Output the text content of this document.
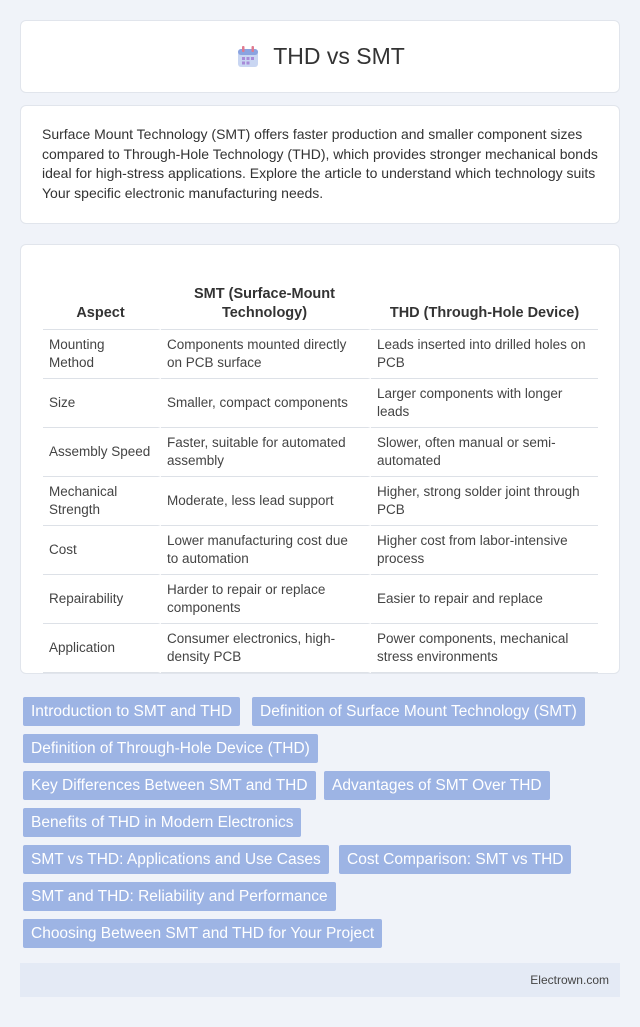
THD vs SMT

Surface Mount Technology (SMT) offers faster production and smaller component sizes compared to Through-Hole Technology (THD), which provides stronger mechanical bonds ideal for high-stress applications. Explore the article to understand which technology suits Your specific electronic manufacturing needs.

Aspect	SMT (Surface-Mount Technology)	THD (Through-Hole Device)
Mounting Method	Components mounted directly on PCB surface	Leads inserted into drilled holes on PCB
Size	Smaller, compact components	Larger components with longer leads
Assembly Speed	Faster, suitable for automated assembly	Slower, often manual or semi-automated
Mechanical Strength	Moderate, less lead support	Higher, strong solder joint through PCB
Cost	Lower manufacturing cost due to automation	Higher cost from labor-intensive process
Repairability	Harder to repair or replace components	Easier to repair and replace
Application	Consumer electronics, high-density PCB	Power components, mechanical stress environments
Introduction to SMT and THD	Definition of Surface Mount Technology (SMT)
Definition of Through-Hole Device (THD)
Key Differences Between SMT and THD	Advantages of SMT Over THD
Benefits of THD in Modern Electronics
SMT vs THD: Applications and Use Cases	Cost Comparison: SMT vs THD
SMT and THD: Reliability and Performance
Choosing Between SMT and THD for Your Project
Electrown.com
